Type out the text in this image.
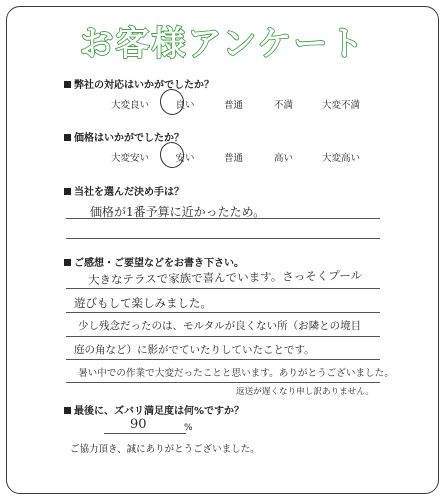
お客様アンケート
弊社の対応はいかがでしたか？
大変良い	良い	普通	不満	大変不満
価格はいかがでしたか？
大変安い	安い	普通	高い	大変高い
当社を選んだ決め手は？
価格が1番予算に近かったため。
ご感想・ご要望などをお書き下さい。
大きなテラスで家族で喜んでいます。さっそくプール
遊びもして楽しみました。
少し残念だったのは、モルタルが良くない所（お隣との境目
庭の角など）に影がでていたりしていたことです。
暑い中での作業で大変だったことと思います。ありがとうございました。
返送が遅くなり申し訳ありません。
最後に、ズバリ満足度は何%ですか？
90	%
ご協力頂き、誠にありがとうございました。
